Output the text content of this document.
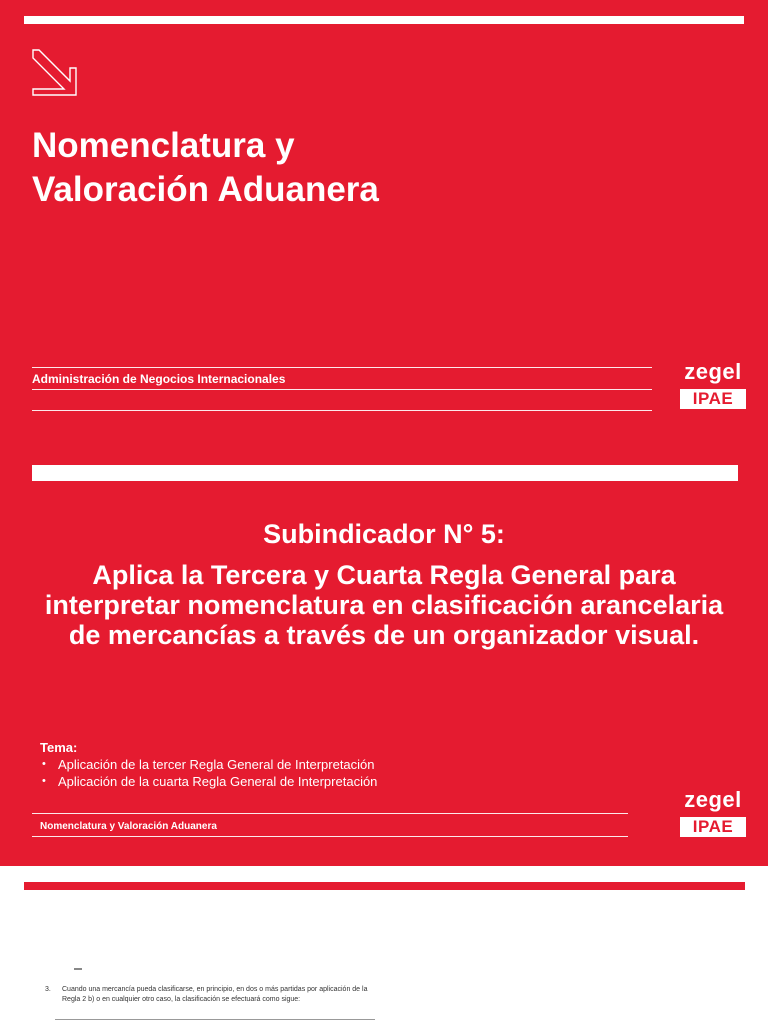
Nomenclatura y
Valoración Aduanera
Administración de Negocios Internacionales	zegel
IPAE
Subindicador N° 5:
Aplica la Tercera y Cuarta Regla General para interpretar nomenclatura en clasificación arancelaria de mercancías a través de un organizador visual.
Tema:
• Aplicación de la tercer Regla General de Interpretación
• Aplicación de la cuarta Regla General de Interpretación
Nomenclatura y Valoración Aduanera
zegel
IPAE
3. Cuando una mercancía pueda clasificarse, en principio, en dos o más partidas por aplicación de la Regla 2 b) o en cualquier otro caso, la clasificación se efectuará como sigue:
